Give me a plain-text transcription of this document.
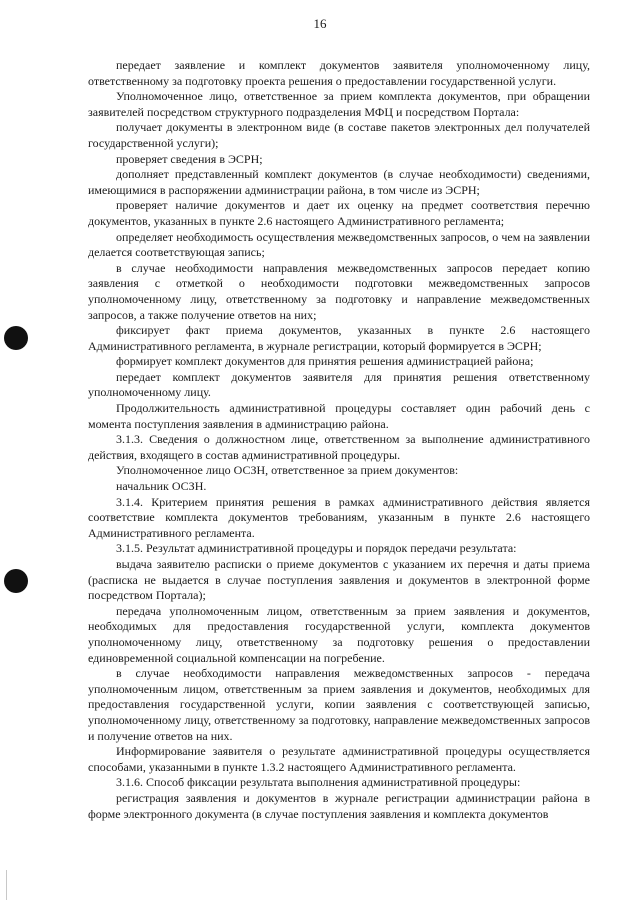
16

передает заявление и комплект документов заявителя уполномоченному лицу, ответственному за подготовку проекта решения о предоставлении государственной услуги.

Уполномоченное лицо, ответственное за прием комплекта документов, при обращении заявителей посредством структурного подразделения МФЦ и посредством Портала:

получает документы в электронном виде (в составе пакетов электронных дел получателей государственной услуги);

проверяет сведения в ЭСРН;

дополняет представленный комплект документов (в случае необходимости) сведениями, имеющимися в распоряжении администрации района, в том числе из ЭСРН;

проверяет наличие документов и дает их оценку на предмет соответствия перечню документов, указанных в пункте 2.6 настоящего Административного регламента;

определяет необходимость осуществления межведомственных запросов, о чем на заявлении делается соответствующая запись;

в случае необходимости направления межведомственных запросов передает копию заявления с отметкой о необходимости подготовки межведомственных запросов уполномоченному лицу, ответственному за подготовку и направление межведомственных запросов, а также получение ответов на них;

фиксирует факт приема документов, указанных в пункте 2.6 настоящего Административного регламента, в журнале регистрации, который формируется в ЭСРН;

формирует комплект документов для принятия решения администрацией района;

передает комплект документов заявителя для принятия решения ответственному уполномоченному лицу.

Продолжительность административной процедуры составляет один рабочий день с момента поступления заявления в администрацию района.

3.1.3. Сведения о должностном лице, ответственном за выполнение административного действия, входящего в состав административной процедуры.

Уполномоченное лицо ОСЗН, ответственное за прием документов:

начальник ОСЗН.

3.1.4. Критерием принятия решения в рамках административного действия является соответствие комплекта документов требованиям, указанным в пункте 2.6 настоящего Административного регламента.

3.1.5. Результат административной процедуры и порядок передачи результата:

выдача заявителю расписки о приеме документов с указанием их перечня и даты приема (расписка не выдается в случае поступления заявления и документов в электронной форме посредством Портала);

передача уполномоченным лицом, ответственным за прием заявления и документов, необходимых для предоставления государственной услуги, комплекта документов уполномоченному лицу, ответственному за подготовку решения о предоставлении единовременной социальной компенсации на погребение.

в случае необходимости направления межведомственных запросов - передача уполномоченным лицом, ответственным за прием заявления и документов, необходимых для предоставления государственной услуги, копии заявления с соответствующей записью, уполномоченному лицу, ответственному за подготовку, направление межведомственных запросов и получение ответов на них.

Информирование заявителя о результате административной процедуры осуществляется способами, указанными в пункте 1.3.2 настоящего Административного регламента.

3.1.6. Способ фиксации результата выполнения административной процедуры:

регистрация заявления и документов в журнале регистрации администрации района в форме электронного документа (в случае поступления заявления и комплекта документов
